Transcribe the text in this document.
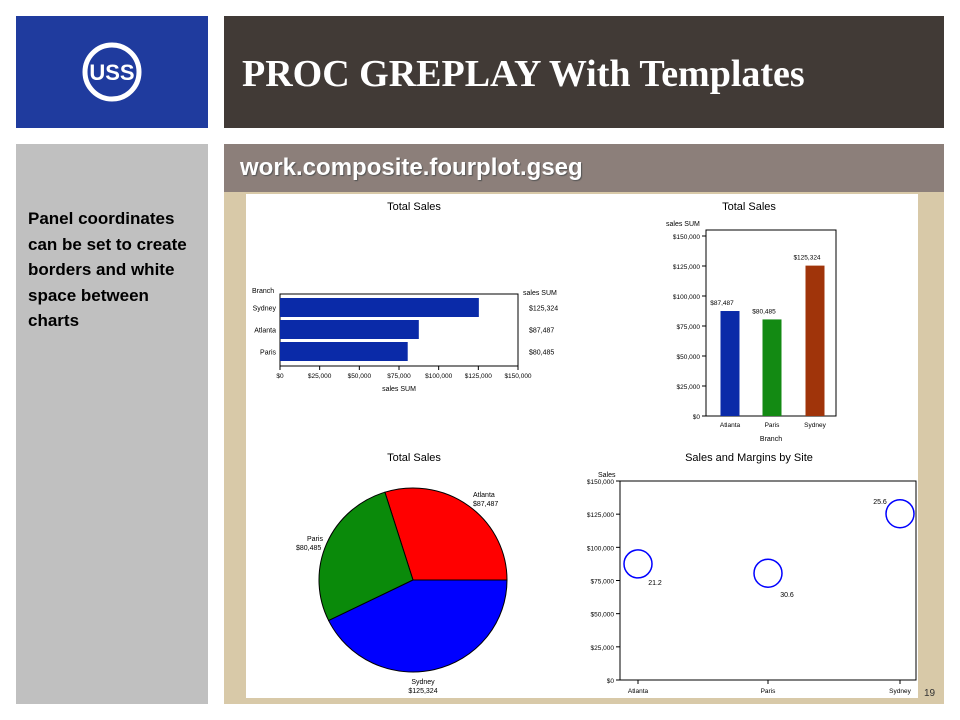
USS	PROC GREPLAY With Templates
Panel coordinates can be set to create borders and white space between charts
work.composite.fourplot.gseg
Total Sales
Branch	sales SUM
Sydney	$125,324
Atlanta	$87,487
Paris	$80,485
$0	$25,000 $50,000 $75,000 $100,000 $125,000 $150,000
sales SUM
Total Sales
sales SUM
$0
$25,000
$50,000
$75,000
$100,000
$125,000
$150,000
$87,487
Atlanta
$80,485
Paris
$125,324
Sydney
Branch
Total Sales
Atlanta
$87,487
Paris
$80,485
Sydney
$125,324
Sales and Margins by Site
Sales
$0
$25,000
$50,000
$75,000
$100,000
$125,000
$150,000
Atlanta	Paris	Sydney
21.2
30.6
25.6
19
